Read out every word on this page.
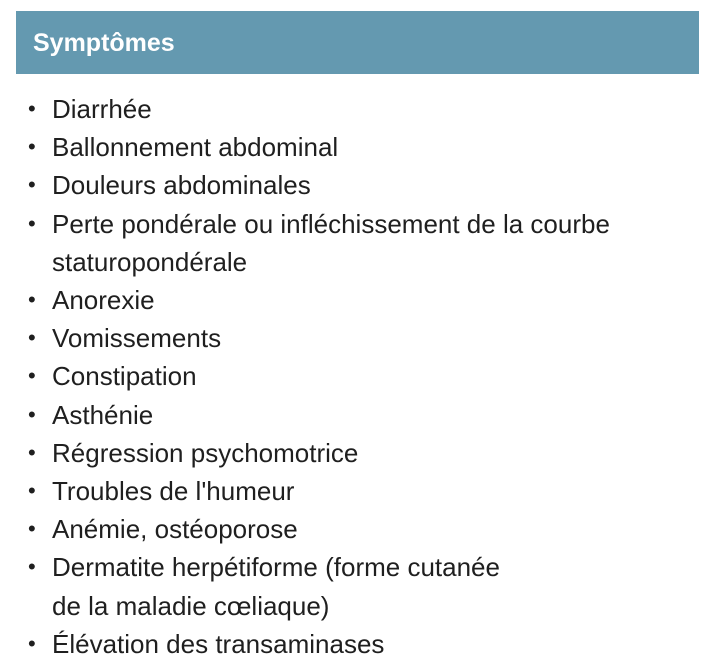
Symptômes
• Diarrhée
• Ballonnement abdominal
• Douleurs abdominales
• Perte pondérale ou infléchissement de la courbe
staturopondérale
• Anorexie
• Vomissements
• Constipation
• Asthénie
• Régression psychomotrice
• Troubles de l'humeur
• Anémie, ostéoporose
• Dermatite herpétiforme (forme cutanée
de la maladie cœliaque)
• Élévation des transaminases
